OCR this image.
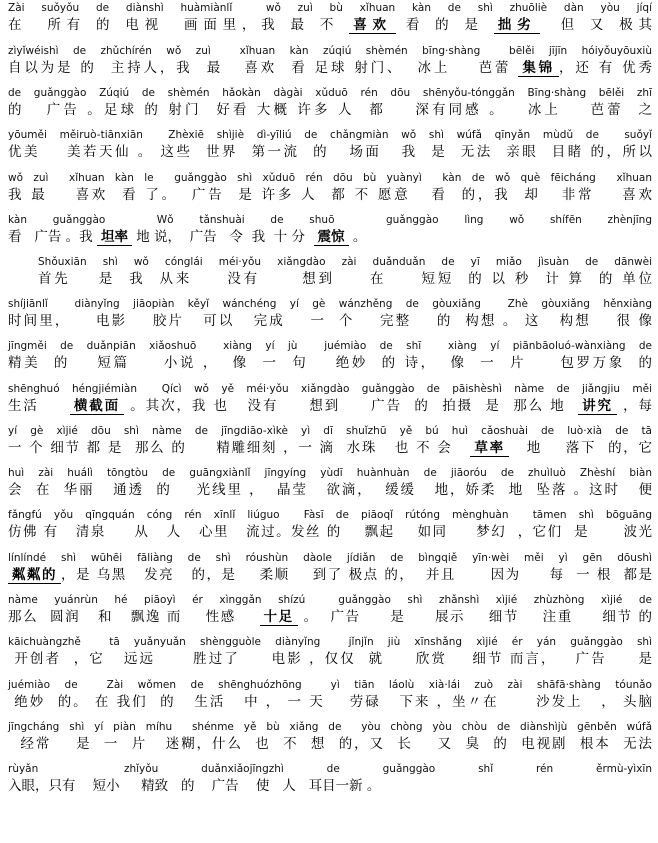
Zài suǒyǒu de diànshì huàmiànlǐ  wǒ zuì bù xǐhuan kàn de shì zhuōliè dàn yòu jíqí
在  所有 的 电视  画面里，我 最 不 喜欢 看 的 是 拙劣  但 又 极其
zìyǐwéishì de zhǔchírén wǒ zuì  xǐhuan kàn zúqiú shèmén bīng·shàng  bēlěi jījīn hóiyǒuyōuxiù
自以为是 的  主持人，我  最   喜欢  看 足球 射门、  冰上    芭蕾 集锦 ，还 有 优秀
de guǎnggào Zúqiú de shèmén hǎokàn dàgài xǔduō rén dōu shēnyǒu-tónggǎn Bīng·shàng bēlěi zhī
的   广告 。足球 的 射门  好看 大概 许多 人  都    深有同感 。   冰上    芭蕾  之
yōuměi měiruò-tiānxiān  Zhèxiē shìjiè dì-yīliú de chǎngmiàn wǒ shì wúfǎ qīnyǎn mùdǔ de  suǒyǐ
优美    美若天仙 。 这些  世界  第一流  的   场面   我  是  无法  亲眼  目睹 的，所以
wǒ zuì  xǐhuan kàn le  guǎnggào shì xǔduō rén dōu bù yuànyì  kàn de wǒ què fēicháng  xǐhuan
我 最    喜欢  看 了。  广告  是 许多 人  都 不 愿意   看  的，我  却   非常    喜欢
kàn guǎnggào  Wǒ tǎnshuài de shuō  guǎnggào lìng wǒ shífēn zhènjīng
看   广告 。我 坦率 地 说，  广告   令  我  十 分  震惊 。
Shǒuxiān shì wǒ cónglái méi·yǒu xiǎngdào zài duǎnduǎn de yī miǎo jìsuàn de dānwèi
首先    是  我  从来     没有      想到     在     短短  的 以 秒  计 算  的 单位
shíjiānlǐ  diànyǐng jiāopiàn kěyǐ wánchéng yí gè wánzhěng de gòuxiǎng  Zhè gòuxiǎng hěnxiàng
时间里，    电影    胶片   可以   完成    一  个    完整    的  构想 。 这   构想    很 像
jīngměi de duǎnpiān xiǎoshuō  xiàng yí jù  juémiào de shī  xiàng yí piānbāoluó-wànxiàng de
精美  的    短篇     小说 ，  像  一  句    绝妙  的 诗，  像  一  片     包罗万象  的
shēnghuó héngjiémiàn  Qícì wǒ yě méi·yǒu xiǎngdào guǎnggào de pāishèshì nàme de jiǎngjiu měi
生活     横截面 。其次，我 也   没有     想到     广告  的  拍摄  是  那么 地  讲究 ，每
yí gè xìjié dōu shì nàme de jīngdiāo-xìkè yì dī shuǐzhū yě bú huì cǎoshuài de luò·xià de tā
一 个 细节 都 是  那么 的     精雕细刻 ，一 滴  水珠   也 不 会   草率   地    落下  的，它
huì zài huálì tōngtòu de guāngxiànlǐ jīngyíng yùdī huànhuàn de jiāoróu de zhuìluò Zhèshí biàn
会  在  华丽   通透  的    光线里 ，  晶莹   欲滴，  缓缓   地，娇柔  地  坠落 。这时   便
fǎngfú yǒu qīngquán cóng rén xīnlǐ liúguo  Fàsī de piāoqǐ rútóng mènghuàn  tāmen shì bōguāng
仿佛 有   清泉     从   人   心里   流过。发丝 的    飘起    如同     梦幻  ，它们  是      波光
línlíndé shì wūhēi fāliàng de shì róushùn dàole jídiǎn de bìngqiě yīn·wèi měi yì gēn dōushì
粼粼的 ，是 乌黑   发亮   的，是    柔顺    到了 极点 的，  并且      因为     每  一 根  都是
nàme yuánrùn hé piāoyì ér xìnggǎn shízú  guǎnggào shì zhǎnshì xìjié zhùzhòng xìjié de
那么  圆润   和   飘逸 而    性感    十足 。  广告     是     展示    细节    注重     细节 的
kāichuàngzhě  tā yuǎnyuǎn shèngguòle diànyǐng  jǐnjǐn jiù xīnshǎng xìjié ér yán guǎnggào shì
开创者  ，它   远远      胜过了     电影 ，仅仅  就     欣赏    细节 而言，   广告     是
juémiào de  Zài wǒmen de shēnghuózhōng  yì tiān láolù xià·lái zuò zài shāfā·shàng tóunǎo
绝妙  的。 在 我们  的   生活   中 ， 一 天    劳碌   下来 ，坐〃在      沙发上   ， 头脑
jīngcháng shì yí piàn míhu  shénme yě bù xiǎng de  yòu chòng yòu chòu de diànshìjù gēnběn wúfǎ
经常    是  一  片   迷糊，什么  也  不  想  的，又  长    又  臭  的  电视剧  根本  无法
rùyǎn  zhǐyǒu duǎnxiǎojīngzhì de guǎnggào shǐ rén ěrmù-yìxīn
入眼，只有    短小     精致   的    广告    使   人   耳目一新 。
